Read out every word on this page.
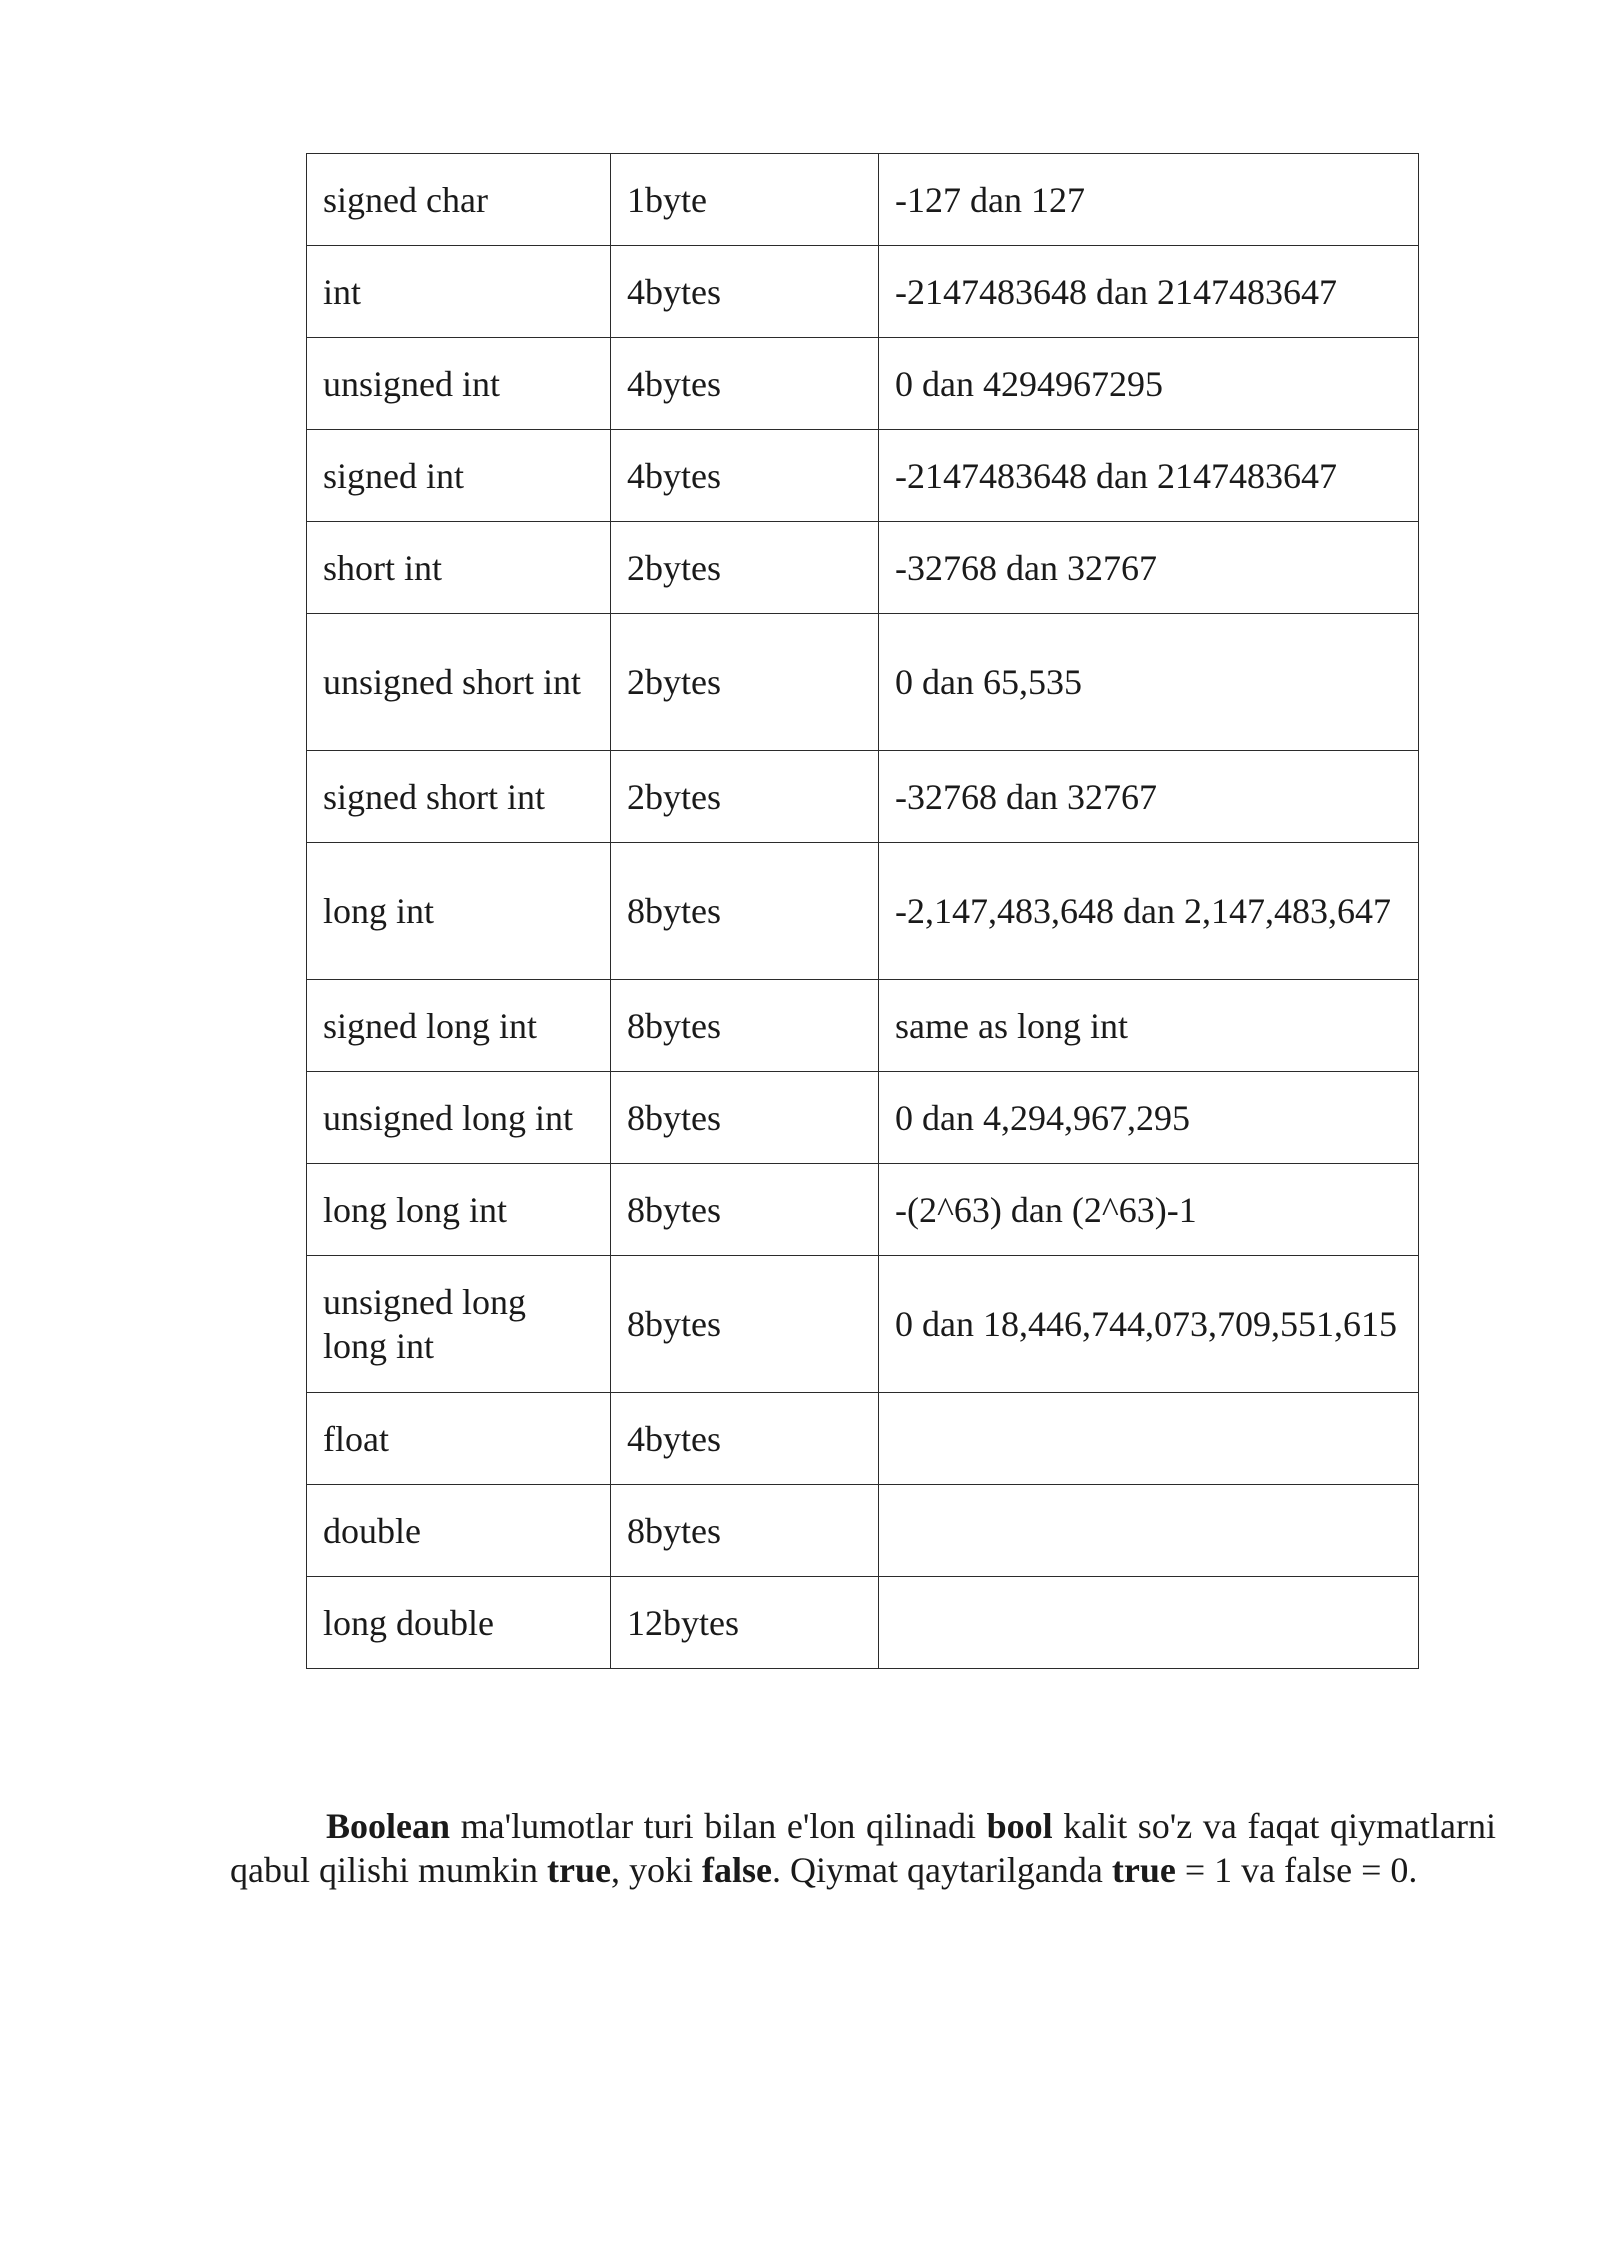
signed char	1byte	-127 dan 127
int	4bytes	-2147483648 dan 2147483647
unsigned int	4bytes	0 dan 4294967295
signed int	4bytes	-2147483648 dan 2147483647
short int	2bytes	-32768 dan 32767
unsigned short int	2bytes	0 dan 65,535
signed short int	2bytes	-32768 dan 32767
long int	8bytes	-2,147,483,648 dan 2,147,483,647
signed long int	8bytes	same as long int
unsigned long int	8bytes	0 dan 4,294,967,295
long long int	8bytes	-(2^63) dan (2^63)-1
unsigned long long int	8bytes	0 dan 18,446,744,073,709,551,615
float	4bytes	
double	8bytes	
long double	12bytes	

Boolean ma'lumotlar turi bilan e'lon qilinadi bool kalit so'z va faqat qiymatlarni qabul qilishi mumkin true, yoki false. Qiymat qaytarilganda true = 1 va false = 0.
